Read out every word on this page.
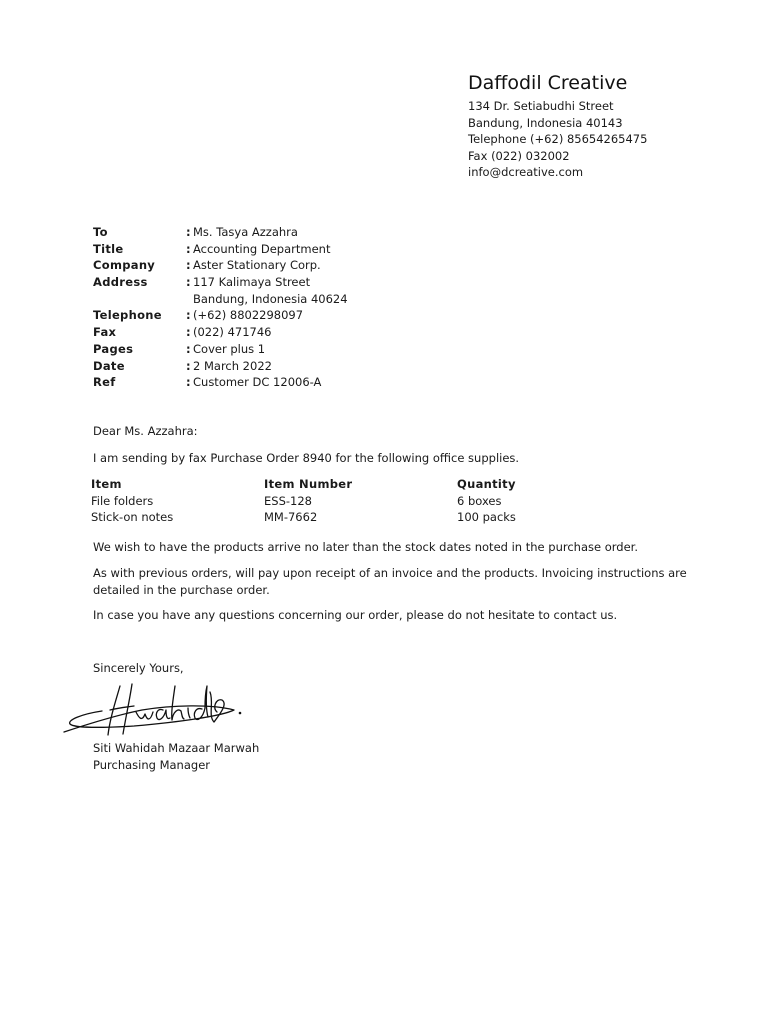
Daffodil Creative
134 Dr. Setiabudhi Street
Bandung, Indonesia 40143
Telephone (+62) 85654265475
Fax (022) 032002
info@dcreative.com
To	: Ms. Tasya Azzahra
Title	: Accounting Department
Company	: Aster Stationary Corp.
Address	: 117 Kalimaya Street
Bandung, Indonesia 40624
Telephone	: (+62) 8802298097
Fax	: (022) 471746
Pages	: Cover plus 1
Date	: 2 March 2022
Ref	: Customer DC 12006-A
Dear Ms. Azzahra:
I am sending by fax Purchase Order 8940 for the following office supplies.
Item	Item Number	Quantity
File folders	ESS-128	6 boxes
Stick-on notes	MM-7662	100 packs
We wish to have the products arrive no later than the stock dates noted in the purchase order.
As with previous orders, will pay upon receipt of an invoice and the products. Invoicing instructions are detailed in the purchase order.
In case you have any questions concerning our order, please do not hesitate to contact us.
Sincerely Yours,
Siti Wahidah Mazaar Marwah
Purchasing Manager
